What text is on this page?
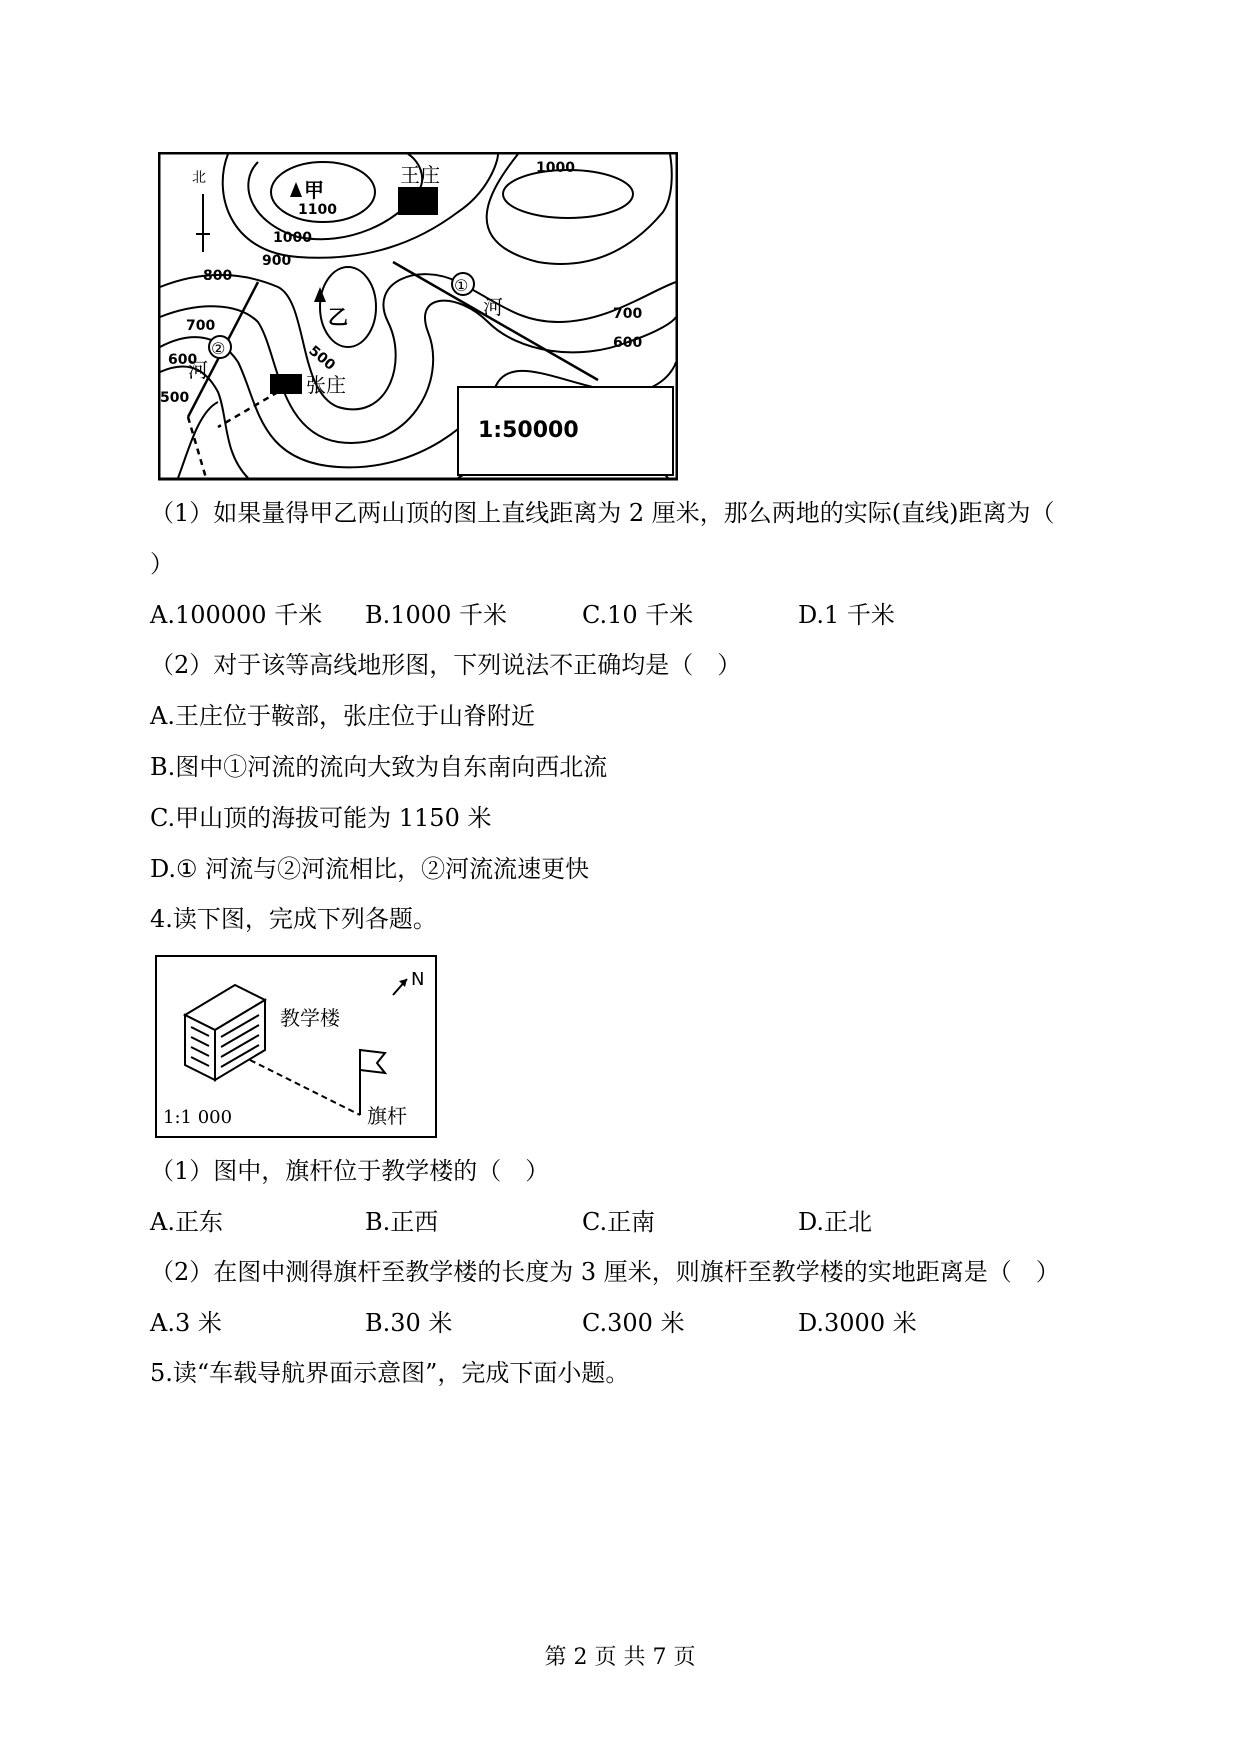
北
1:50000
甲
乙
王庄
张庄
①
河
②
河
1100
1000
1000
900
800
700
700
600
600
500
500
（1）如果量得甲乙两山顶的图上直线距离为 2 厘米，那么两地的实际(直线)距离为（
）
A.100000 千米 B.1000 千米	C.10 千米	D.1 千米
（2）对于该等高线地形图，下列说法不正确均是（　）
A.王庄位于鞍部，张庄位于山脊附近
B.图中①河流的流向大致为自东南向西北流
C.甲山顶的海拔可能为 1150 米
D.① 河流与②河流相比，②河流流速更快
4.读下图，完成下列各题。
教学楼
旗杆
N
1:1 000
（1）图中，旗杆位于教学楼的（　）
A.正东	B.正西	C.正南	D.正北
（2）在图中测得旗杆至教学楼的长度为 3 厘米，则旗杆至教学楼的实地距离是（　）
A.3 米	B.30 米	C.300 米	D.3000 米
5.读“车载导航界面示意图”，完成下面小题。
第 2 页 共 7 页
